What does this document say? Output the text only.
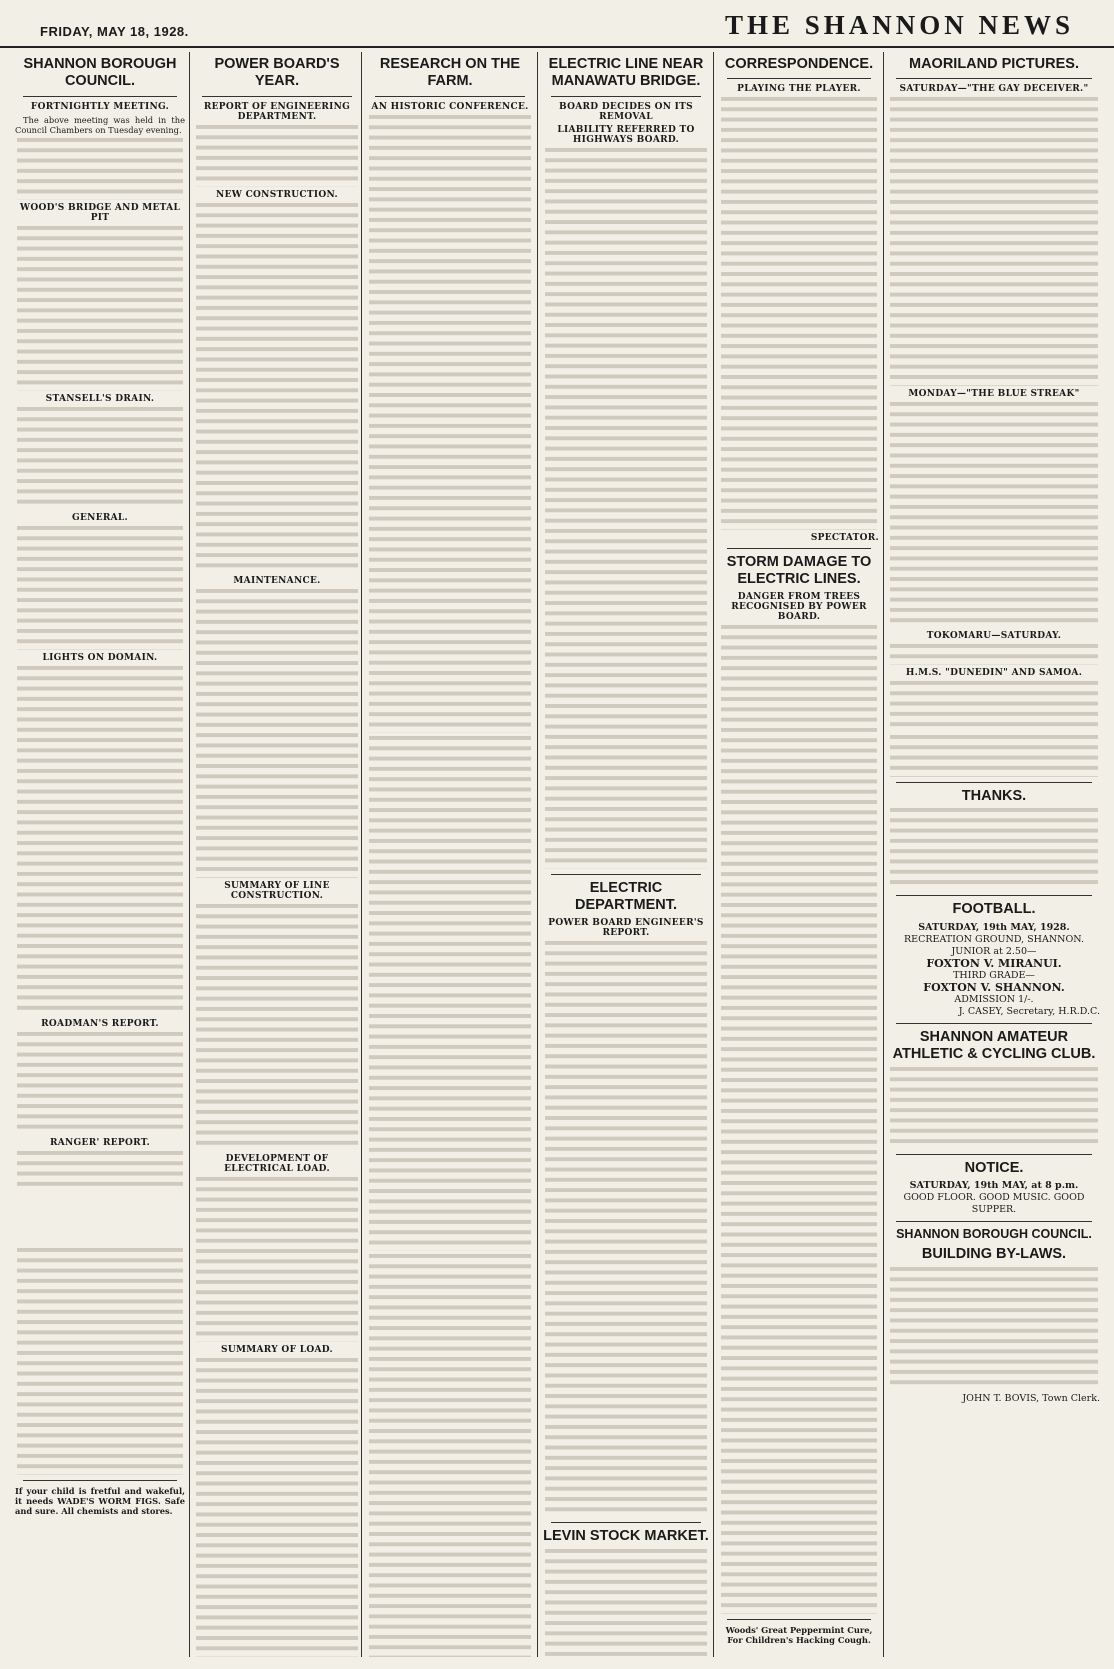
FRIDAY, MAY 18, 1928.	THE SHANNON NEWS
SHANNON BOROUGH COUNCIL.
FORTNIGHTLY MEETING.

The above meeting was held in the Council Chambers on Tuesday evening.

WOOD'S BRIDGE AND METAL PIT
STANSELL'S DRAIN.
GENERAL.
LIGHTS ON DOMAIN.
ROADMAN'S REPORT.
RANGER' REPORT.

If your child is fretful and wakeful, it needs WADE'S WORM FIGS. Safe and sure. All chemists and stores.

POWER BOARD'S YEAR.
REPORT OF ENGINEERING DEPARTMENT.
NEW CONSTRUCTION.
MAINTENANCE.
SUMMARY OF LINE CONSTRUCTION.
DEVELOPMENT OF ELECTRICAL LOAD.
SUMMARY OF LOAD.
RESEARCH ON THE FARM.
AN HISTORIC CONFERENCE.
ELECTRIC LINE NEAR MANAWATU BRIDGE.
BOARD DECIDES ON ITS REMOVAL
LIABILITY REFERRED TO HIGHWAYS BOARD.
ELECTRIC DEPARTMENT.
POWER BOARD ENGINEER'S REPORT.
LEVIN STOCK MARKET.
CORRESPONDENCE.
PLAYING THE PLAYER.
SPECTATOR.
STORM DAMAGE TO ELECTRIC LINES.
DANGER FROM TREES RECOGNISED BY POWER BOARD.

Woods' Great Peppermint Cure, For Children's Hacking Cough.

MAORILAND PICTURES.
SATURDAY—"THE GAY DECEIVER."
MONDAY—"THE BLUE STREAK"
TOKOMARU—SATURDAY.
H.M.S. "DUNEDIN" AND SAMOA.
THANKS.
FOOTBALL.
SATURDAY, 19th MAY, 1928.
RECREATION GROUND, SHANNON.
JUNIOR at 2.50—
FOXTON V. MIRANUI.
THIRD GRADE—
FOXTON V. SHANNON.
ADMISSION 1/-.
J. CASEY, Secretary, H.R.D.C.
SHANNON AMATEUR ATHLETIC & CYCLING CLUB.
NOTICE.
SATURDAY, 19th MAY, at 8 p.m.
GOOD FLOOR. GOOD MUSIC. GOOD SUPPER.
SHANNON BOROUGH COUNCIL.
BUILDING BY-LAWS.
JOHN T. BOVIS, Town Clerk.
